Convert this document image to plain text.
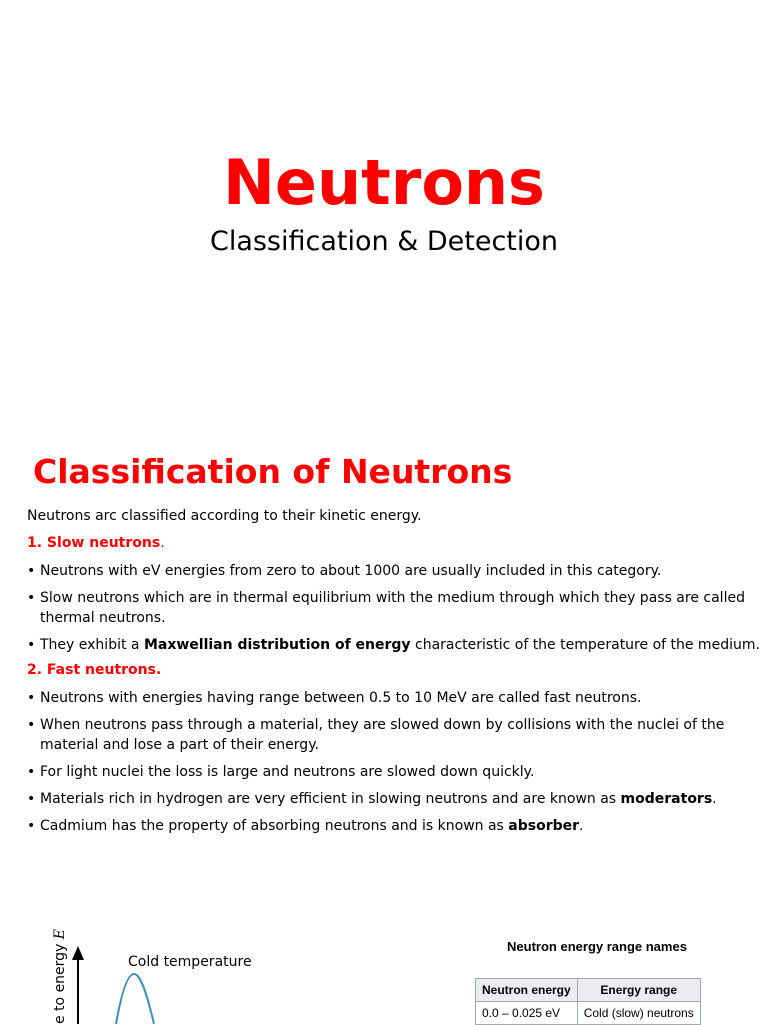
Neutrons
Classification & Detection
Classification of Neutrons
Neutrons arc classified according to their kinetic energy.
1. Slow neutrons.
• Neutrons with eV energies from zero to about 1000 are usually included in this category.
• Slow neutrons which are in thermal equilibrium with the medium through which they pass are called thermal neutrons.
• They exhibit a Maxwellian distribution of energy characteristic of the temperature of the medium.
2. Fast neutrons.
• Neutrons with energies having range between 0.5 to 10 MeV are called fast neutrons.
• When neutrons pass through a material, they are slowed down by collisions with the nuclei of the material and lose a part of their energy.
• For light nuclei the loss is large and neutrons are slowed down quickly.
• Materials rich in hydrogen are very efficient in slowing neutrons and are known as moderators.
• Cadmium has the property of absorbing neutrons and is known as absorber.
e to energy E
Cold temperature
Neutron energy range names
Neutron energy	Energy range
0.0 – 0.025 eV	Cold (slow) neutrons
